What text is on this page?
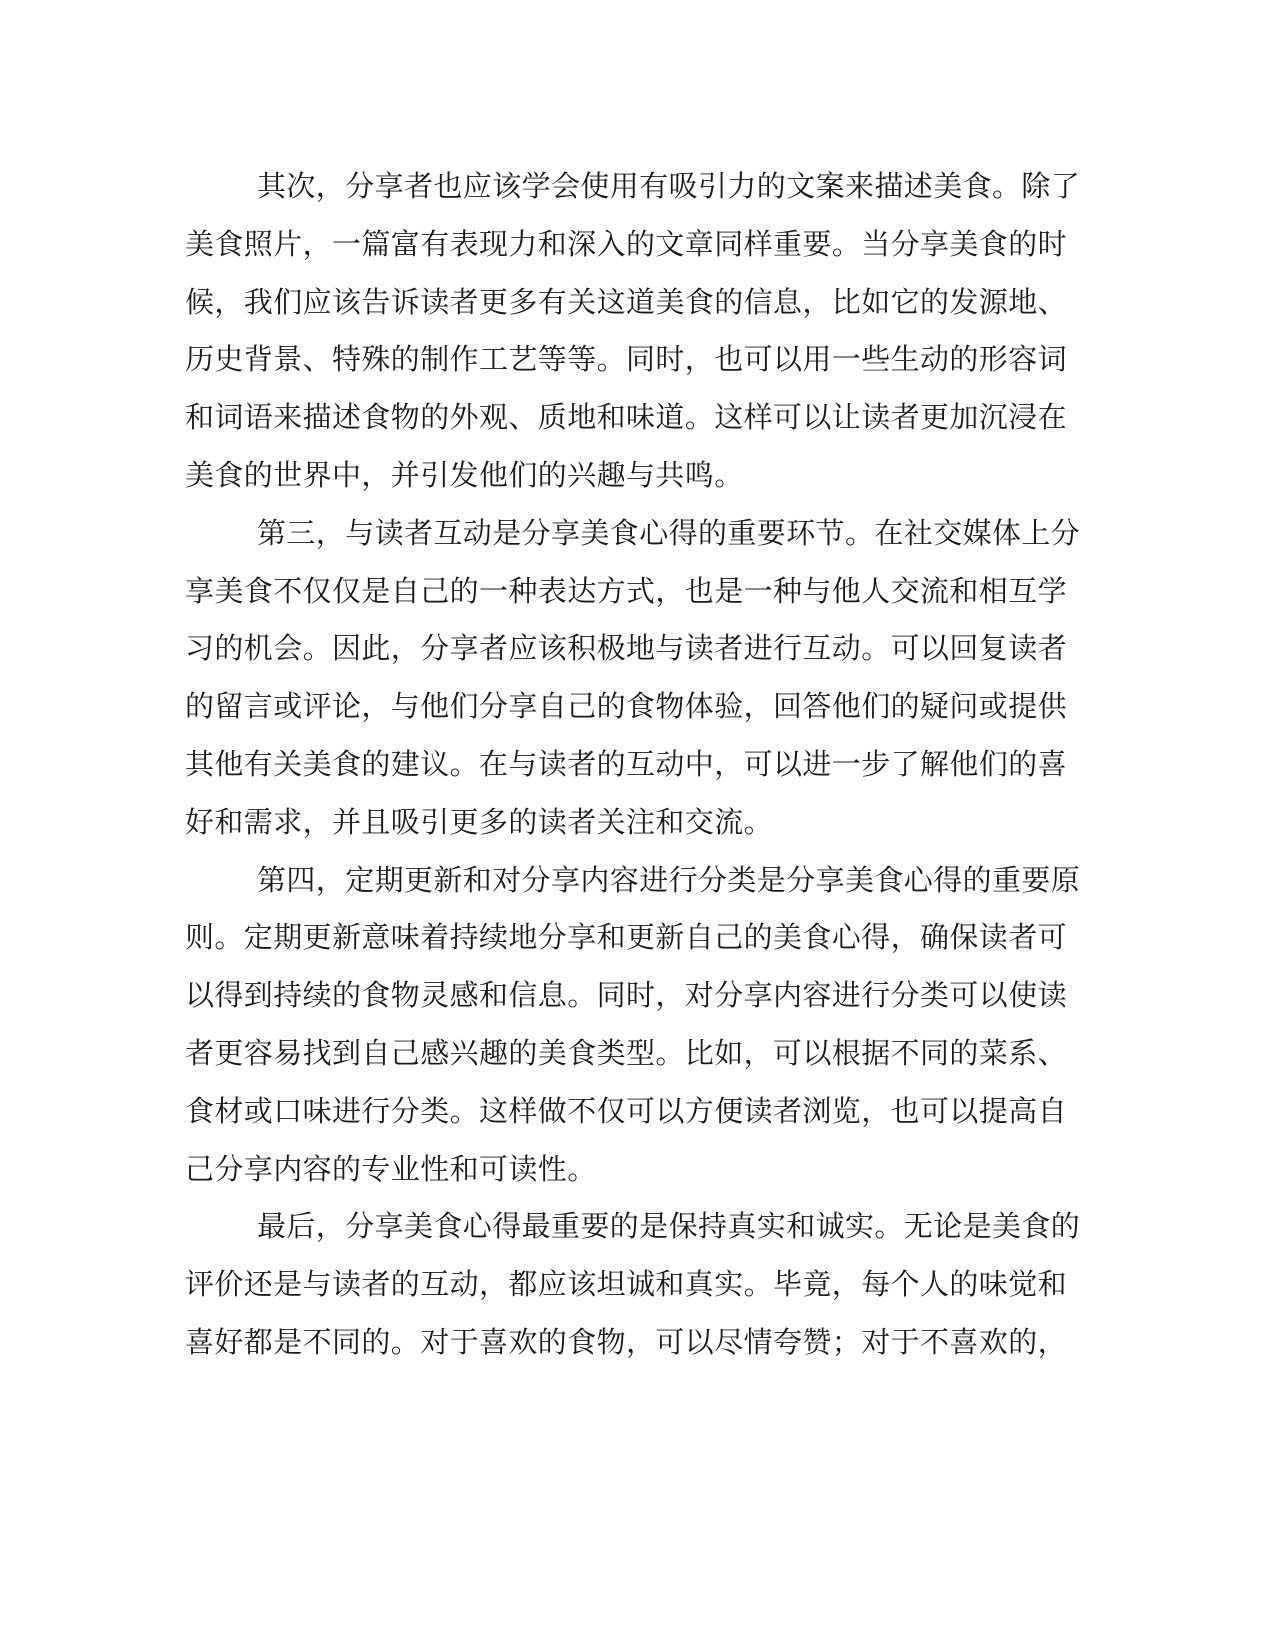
其次，分享者也应该学会使用有吸引力的文案来描述美食。除了
美食照片，一篇富有表现力和深入的文章同样重要。当分享美食的时
候，我们应该告诉读者更多有关这道美食的信息，比如它的发源地、
历史背景、特殊的制作工艺等等。同时，也可以用一些生动的形容词
和词语来描述食物的外观、质地和味道。这样可以让读者更加沉浸在
美食的世界中，并引发他们的兴趣与共鸣。
第三，与读者互动是分享美食心得的重要环节。在社交媒体上分
享美食不仅仅是自己的一种表达方式，也是一种与他人交流和相互学
习的机会。因此，分享者应该积极地与读者进行互动。可以回复读者
的留言或评论，与他们分享自己的食物体验，回答他们的疑问或提供
其他有关美食的建议。在与读者的互动中，可以进一步了解他们的喜
好和需求，并且吸引更多的读者关注和交流。
第四，定期更新和对分享内容进行分类是分享美食心得的重要原
则。定期更新意味着持续地分享和更新自己的美食心得，确保读者可
以得到持续的食物灵感和信息。同时，对分享内容进行分类可以使读
者更容易找到自己感兴趣的美食类型。比如，可以根据不同的菜系、
食材或口味进行分类。这样做不仅可以方便读者浏览，也可以提高自
己分享内容的专业性和可读性。
最后，分享美食心得最重要的是保持真实和诚实。无论是美食的
评价还是与读者的互动，都应该坦诚和真实。毕竟，每个人的味觉和
喜好都是不同的。对于喜欢的食物，可以尽情夸赞；对于不喜欢的，
